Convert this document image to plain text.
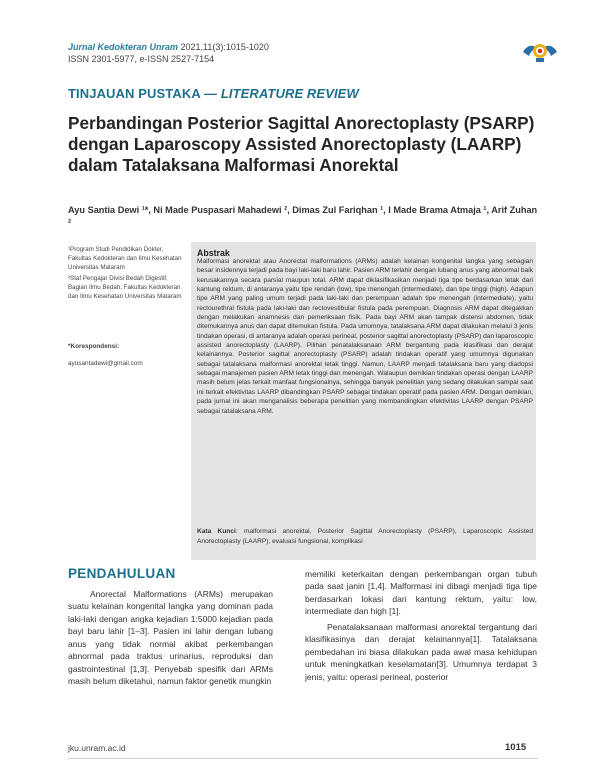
Jurnal Kedokteran Unram 2021,11(3):1015-1020
ISSN 2301-5977, e-ISSN 2527-7154
TINJAUAN PUSTAKA — LITERATURE REVIEW
Perbandingan Posterior Sagittal Anorectoplasty (PSARP) dengan Laparoscopy Assisted Anorectoplasty (LAARP) dalam Tatalaksana Malformasi Anorektal
Ayu Santia Dewi ¹*, Ni Made Puspasari Mahadewi ², Dimas Zul Fariqhan ¹, I Made Brama Atmaja ¹, Arif Zuhan ²

¹Program Studi Pendidikan Dokter, Fakultas Kedokteran dan Ilmu Kesehatan Universitas Mataram

²Staf Pengajar Divisi Bedah Digestif, Bagian Ilmu Bedah, Fakultas Kedokteran dan Ilmu Kesehatan Universitas Mataram

*Korespondensi:
ayusantadewi@gmail.com
Abstrak
Malformasi anorektal atau Anorectal malformations (ARMs) adalah kelainan kongenital langka yang sebagian besar insidennya terjadi pada bayi laki-laki baru lahir. Pasien ARM terlahir dengan lubang anus yang abnormal baik kerusakannya secara parsial maupun total. ARM dapat diklasifikasikan menjadi tiga tipe berdasarkan letak dari kantung rektum, di antaranya yaitu tipe rendah (low), tipe menengah (intermediate), dan tipe tinggi (high). Adapun tipe ARM yang paling umum terjadi pada laki-laki dan perempuan adalah tipe menengah (intermediate), yaitu rectourethral fistula pada laki-laki dan rectovestibular fistula pada perempuan. Diagnosis ARM dapat ditegakkan dengan melakukan anamnesis dan pemeriksaan fisik. Pada bayi ARM akan tampak distensi abdomen, tidak ditemukannya anus dan dapat ditemukan fistula. Pada umumnya, tatalaksana ARM dapat dilakukan melalui 3 jenis tindakan operasi, di antaranya adalah operasi perineal, posterior sagittal anorectoplasty (PSARP) dan laparoscopic assisted anorectoplasty (LAARP). Pilihan penatalaksanaan ARM bergantung pada klasifikasi dan derajat kelainannya. Posterior sagittal anorectoplasty (PSARP) adalah tindakan operatif yang umumnya digunakan sebagai tatalaksana malformasi anorektal letak tinggi. Namun, LAARP menjadi tatalaksana baru yang diadopsi sebagai manajemen pasien ARM letak tinggi dan menengah. Walaupun demikian tindakan operasi dengan LAARP masih belum jelas terkait manfaat fungsionalnya, sehingga banyak penelitian yang sedang dilakukan sampai saat ini terkait efektivitas LAARP dibandingkan PSARP sebagai tindakan operatif pada pasien ARM. Dengan demikian, pada jurnal ini akan menganalisis beberapa penelitian yang membandingkan efektivitas LAARP dengan PSARP sebagai tatalaksana ARM.
Kata Kunci: malformasi anorektal, Posterior Sagittal Anorectoplasty (PSARP), Laparoscopic Assisted Anorectoplasty (LAARP), evaluasi fungsional, komplikasi
PENDAHULUAN

Anorectal Malformations (ARMs) merupakan suatu kelainan kongenital langka yang dominan pada laki-laki dengan angka kejadian 1:5000 kejadian pada bayi baru lahir [1–3]. Pasien ini lahir dengan lubang anus yang tidak normal akibat perkembangan abnormal pada traktus urinarius, reproduksi dan gastrointestinal [1,3]. Penyebab spesifik dari ARMs masih belum diketahui, namun faktor genetik mungkin

memiliki keterkaitan dengan perkembangan organ tubuh pada saat janin [1,4]. Malformasi ini dibagi menjadi tiga tipe berdasarkan lokasi dari kantung rektum, yaitu: low, intermediate dan high [1].

Penatalaksanaan malformasi anorektal tergantung dari klasifikasinya dan derajat kelainannya[1]. Tatalaksana pembedahan ini biasa dilakukan pada awal masa kehidupan untuk meningkatkan keselamatan[3]. Umumnya terdapat 3 jenis, yaitu: operasi perineal, posterior

jku.unram.ac.id	1015
